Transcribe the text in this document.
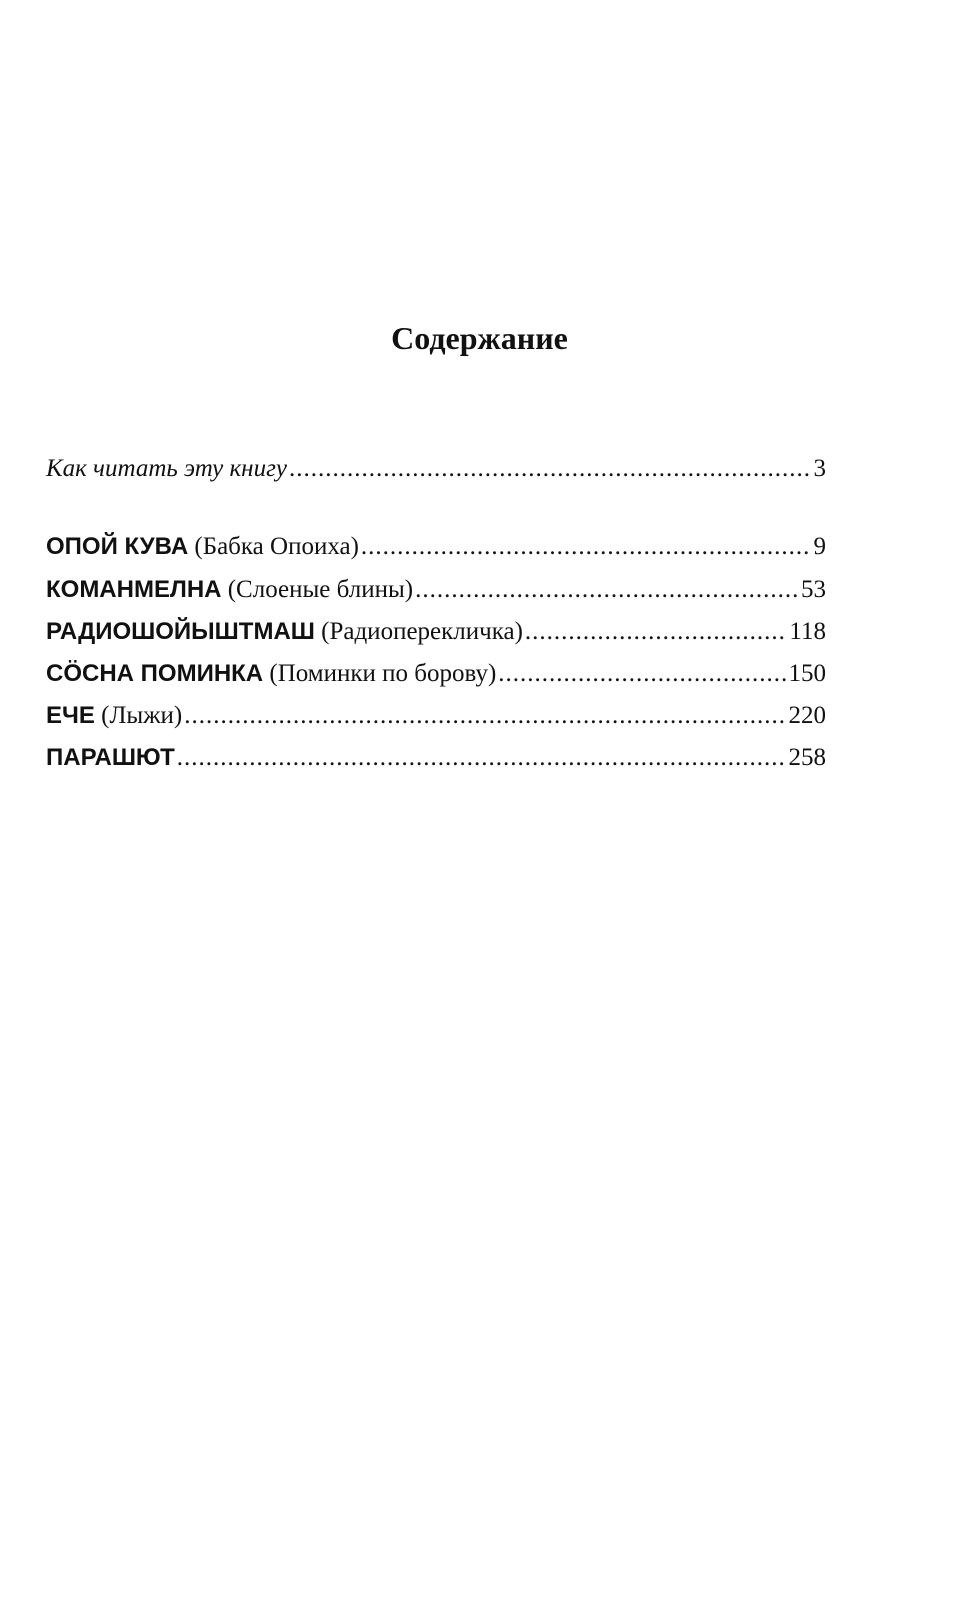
Содержание
Как читать эту книгу .....	3
ОПОЙ КУВА (Бабка Опоиха) .....	9
КОМАНМЕЛНА (Слоеные блины) .....	53
РАДИОШОЙЫШТМАШ (Радиоперекличка) .....	118
СÖСНА ПОМИНКА (Поминки по борову) .....	150
ЕЧЕ (Лыжи) .....	220
ПАРАШЮТ .....	258
